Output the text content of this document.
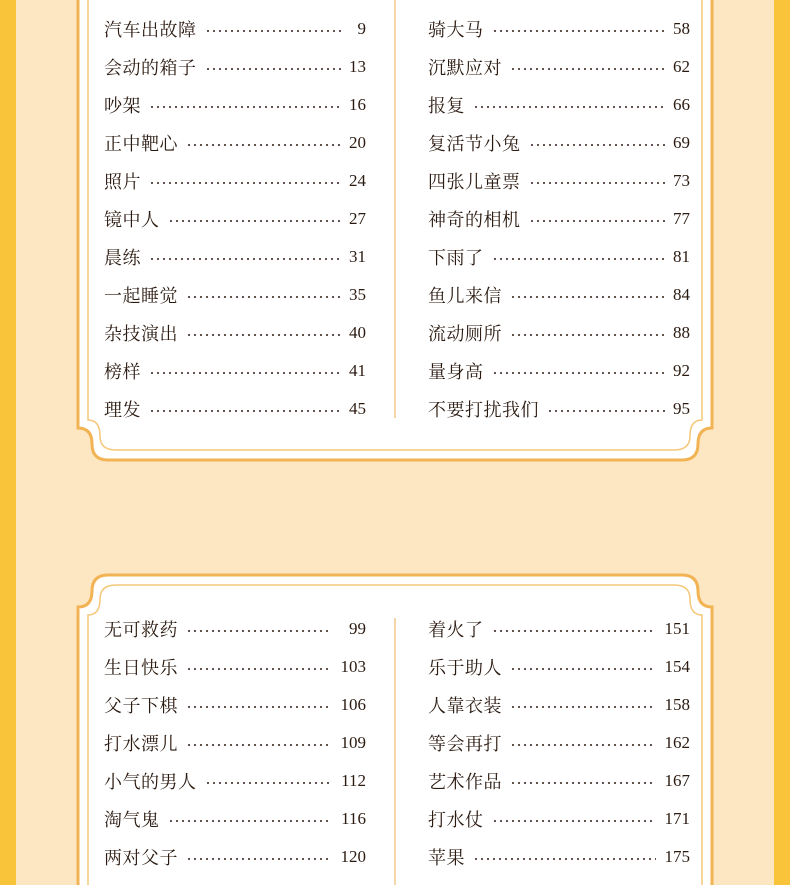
汽车出故障	9
会动的箱子	13
吵架	16
正中靶心	20
照片	24
镜中人	27
晨练	31
一起睡觉	35
杂技演出	40
榜样	41
理发	45
骑大马	58
沉默应对	62
报复	66
复活节小兔	69
四张儿童票	73
神奇的相机	77
下雨了	81
鱼儿来信	84
流动厕所	88
量身高	92
不要打扰我们	95
无可救药	99
生日快乐	103
父子下棋	106
打水漂儿	109
小气的男人	112
淘气鬼	116
两对父子	120
着火了	151
乐于助人	154
人靠衣装	158
等会再打	162
艺术作品	167
打水仗	171
苹果	175
